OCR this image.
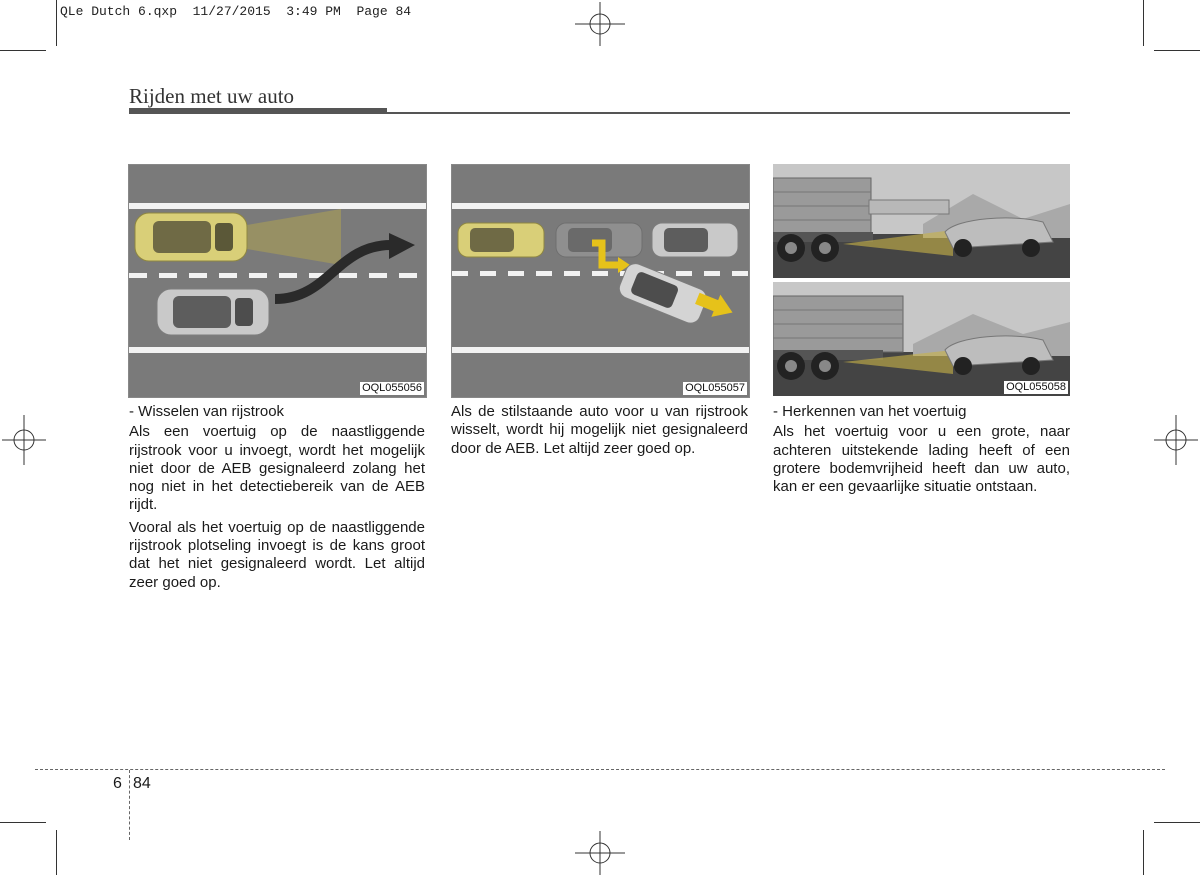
QLe Dutch 6.qxp  11/27/2015  3:49 PM  Page 84
Rijden met uw auto
OQL055056	OQL055057	OQL055058

- Wisselen van rijstrook

Als een voertuig op de naastliggende rijstrook voor u invoegt, wordt het mogelijk niet door de AEB gesignaleerd zolang het nog niet in het detectiebereik van de AEB rijdt.

Vooral als het voertuig op de naastliggende rijstrook plotseling invoegt is de kans groot dat het niet gesignaleerd wordt. Let altijd zeer goed op.

Als de stilstaande auto voor u van rijstrook wisselt, wordt hij mogelijk niet gesignaleerd door de AEB. Let altijd zeer goed op.

- Herkennen van het voertuig

Als het voertuig voor u een grote, naar achteren uitstekende lading heeft of een grotere bodemvrijheid heeft dan uw auto, kan er een gevaarlijke situatie ontstaan.

6 84
